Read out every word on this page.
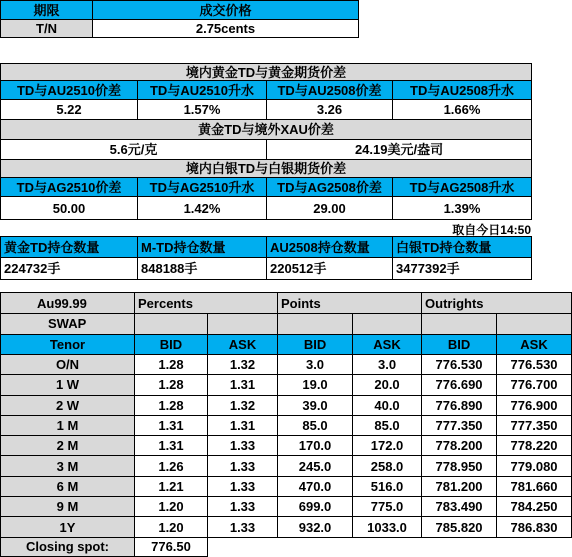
期限	成交价格
T/N	2.75cents
境内黄金TD与黄金期货价差			
TD与AU2510价差	TD与AU2510升水	TD与AU2508价差	TD与AU2508升水
5.22	1.57%	3.26	1.66%
黄金TD与境外XAU价差			
5.6元/克		24.19美元/盎司	
境内白银TD与白银期货价差			
TD与AG2510价差	TD与AG2510升水	TD与AG2508价差	TD与AG2508升水
50.00	1.42%	29.00	1.39%
取自今日14:50
黄金TD持仓数量	M-TD持仓数量	AU2508持仓数量	白银TD持仓数量
224732手	848188手	220512手	3477392手
Au99.99	Percents		Points		Outrights	
SWAP						
Tenor	BID	ASK	BID	ASK	BID	ASK
O/N	1.28	1.32	3.0	3.0	776.530	776.530
1 W	1.28	1.31	19.0	20.0	776.690	776.700
2 W	1.28	1.32	39.0	40.0	776.890	776.900
1 M	1.31	1.31	85.0	85.0	777.350	777.350
2 M	1.31	1.33	170.0	172.0	778.200	778.220
3 M	1.26	1.33	245.0	258.0	778.950	779.080
6 M	1.21	1.33	470.0	516.0	781.200	781.660
9 M	1.20	1.33	699.0	775.0	783.490	784.250
1Y	1.20	1.33	932.0	1033.0	785.820	786.830
Closing spot:	776.50					
